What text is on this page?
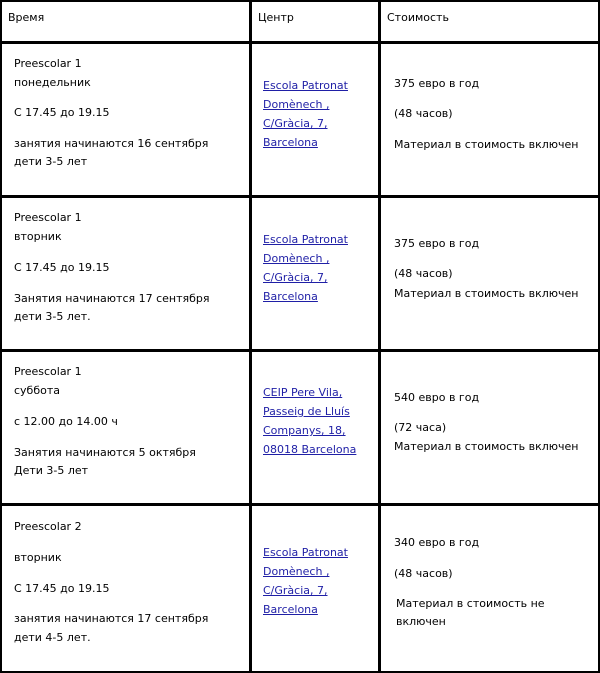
Время	Центр	Стоимость
Preescolar 1
понедельник
С 17.45 до 19.15
занятия начинаются 16 сентября
дети 3-5 лет
Escola Patronat
Domènech ,
C/Gràcia, 7,
Barcelona
375 евро в год
(48 часов)
Материал в стоимость включен
Preescolar 1
вторник
С 17.45 до 19.15
Занятия начинаются 17 сентября
дети 3-5 лет.
Escola Patronat
Domènech ,
C/Gràcia, 7,
Barcelona
375 евро в год
(48 часов)
Материал в стоимость включен
Preescolar 1
суббота
с 12.00 до 14.00 ч
Занятия начинаются 5 октября
Дети 3-5 лет
CEIP Pere Vila,
Passeig de Lluís
Companys, 18,
08018 Barcelona
540 евро в год
(72 часа)
Материал в стоимость включен
Preescolar 2
вторник
С 17.45 до 19.15
занятия начинаются 17 сентября
дети 4-5 лет.
Escola Patronat
Domènech ,
C/Gràcia, 7,
Barcelona
340 евро в год
(48 часов)
Материал в стоимость не
включен
